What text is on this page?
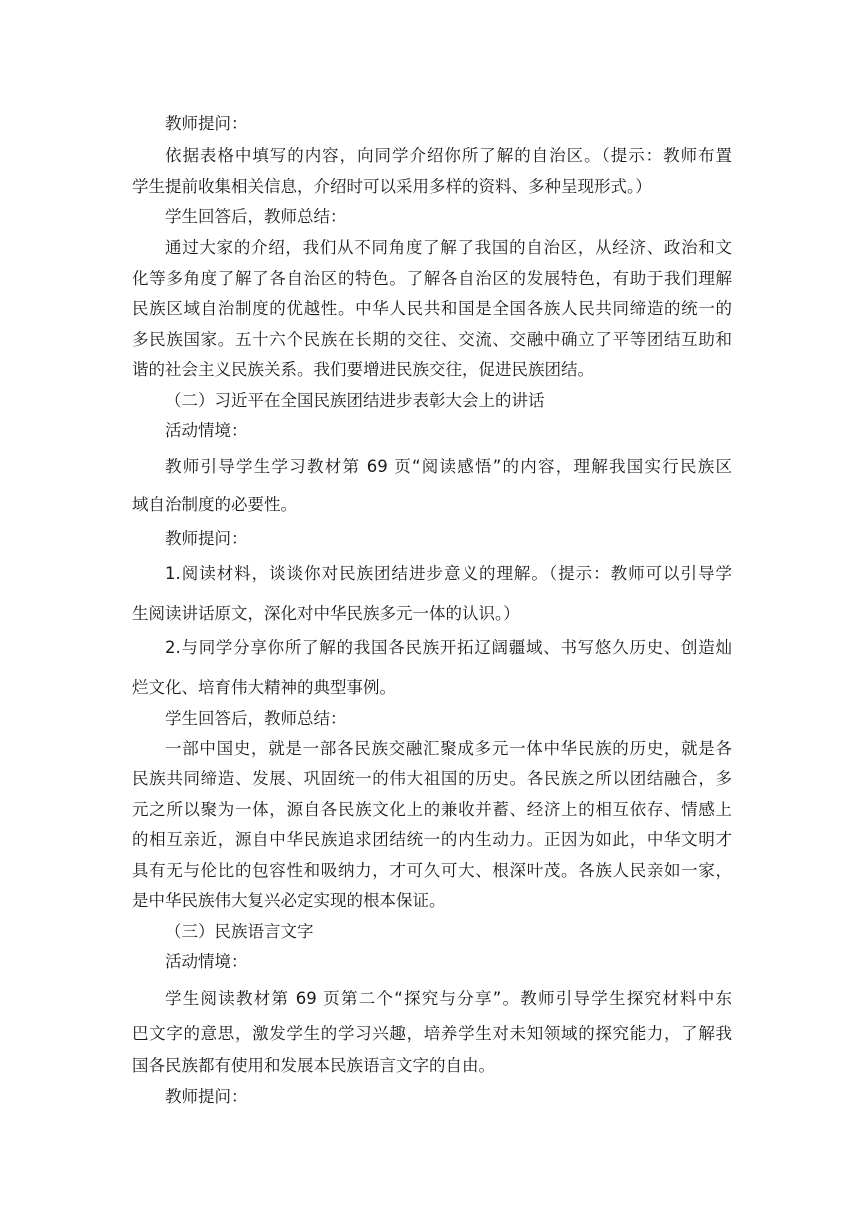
教师提问：
依据表格中填写的内容，向同学介绍你所了解的自治区。（提示：教师布置
学生提前收集相关信息，介绍时可以采用多样的资料、多种呈现形式。）
学生回答后，教师总结：
通过大家的介绍，我们从不同角度了解了我国的自治区，从经济、政治和文
化等多角度了解了各自治区的特色。了解各自治区的发展特色，有助于我们理解
民族区域自治制度的优越性。中华人民共和国是全国各族人民共同缔造的统一的
多民族国家。五十六个民族在长期的交往、交流、交融中确立了平等团结互助和
谐的社会主义民族关系。我们要增进民族交往，促进民族团结。
（二）习近平在全国民族团结进步表彰大会上的讲话
活动情境：
教师引导学生学习教材第 69 页“阅读感悟”的内容，理解我国实行民族区
域自治制度的必要性。
教师提问：
1.阅读材料，谈谈你对民族团结进步意义的理解。（提示：教师可以引导学
生阅读讲话原文，深化对中华民族多元一体的认识。）
2.与同学分享你所了解的我国各民族开拓辽阔疆域、书写悠久历史、创造灿
烂文化、培育伟大精神的典型事例。
学生回答后，教师总结：
一部中国史，就是一部各民族交融汇聚成多元一体中华民族的历史，就是各
民族共同缔造、发展、巩固统一的伟大祖国的历史。各民族之所以团结融合，多
元之所以聚为一体，源自各民族文化上的兼收并蓄、经济上的相互依存、情感上
的相互亲近，源自中华民族追求团结统一的内生动力。正因为如此，中华文明才
具有无与伦比的包容性和吸纳力，才可久可大、根深叶茂。各族人民亲如一家，
是中华民族伟大复兴必定实现的根本保证。
（三）民族语言文字
活动情境：
学生阅读教材第 69 页第二个“探究与分享”。教师引导学生探究材料中东
巴文字的意思，激发学生的学习兴趣，培养学生对未知领域的探究能力，了解我
国各民族都有使用和发展本民族语言文字的自由。
教师提问：
